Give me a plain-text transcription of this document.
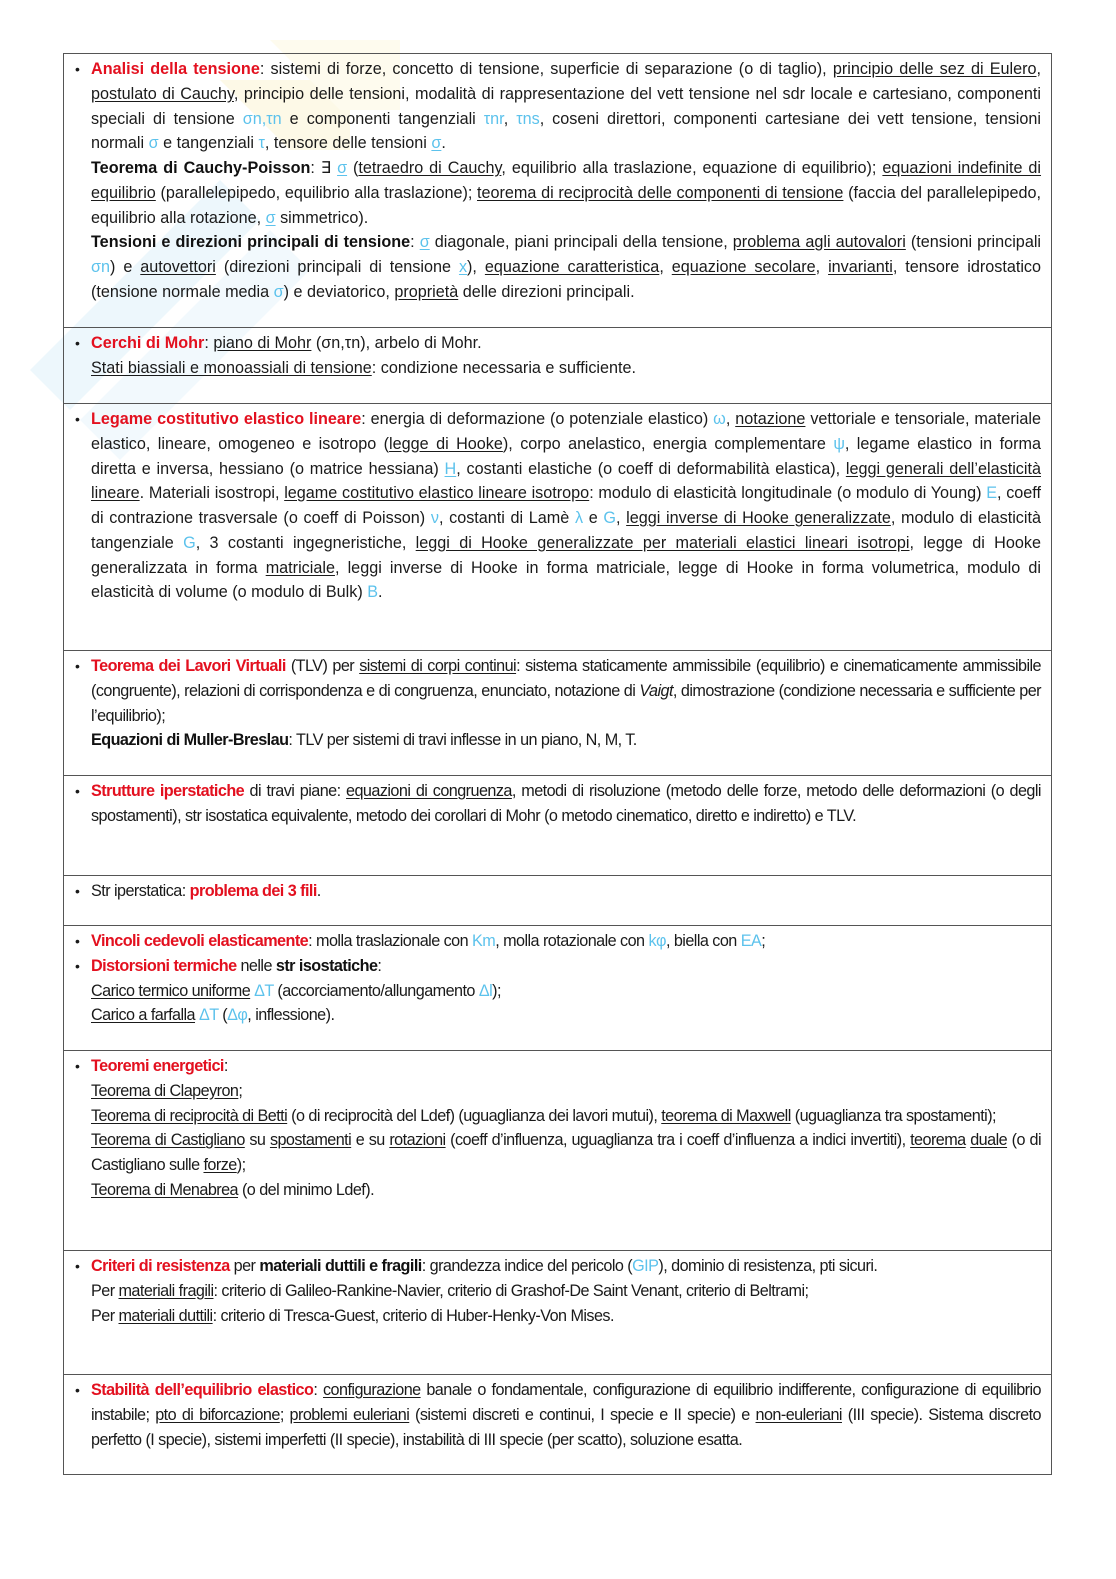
• Analisi della tensione: sistemi di forze, concetto di tensione, superficie di separazione (o di taglio), principio delle sez di Eulero, postulato di Cauchy, principio delle tensioni, modalità di rappresentazione del vett tensione nel sdr locale e cartesiano, componenti speciali di tensione σn,τn e componenti tangenziali τnr, τns, coseni direttori, componenti cartesiane dei vett tensione, tensioni normali σ e tangenziali τ, tensore delle tensioni σ.
Teorema di Cauchy-Poisson: ∃ σ (tetraedro di Cauchy, equilibrio alla traslazione, equazione di equilibrio); equazioni indefinite di equilibrio (parallelepipedo, equilibrio alla traslazione); teorema di reciprocità delle componenti di tensione (faccia del parallelepipedo, equilibrio alla rotazione, σ simmetrico).
Tensioni e direzioni principali di tensione: σ diagonale, piani principali della tensione, problema agli autovalori (tensioni principali σn) e autovettori (direzioni principali di tensione x), equazione caratteristica, equazione secolare, invarianti, tensore idrostatico (tensione normale media σ) e deviatorico, proprietà delle direzioni principali.
• Cerchi di Mohr: piano di Mohr (σn,τn), arbelo di Mohr.
Stati biassiali e monoassiali di tensione: condizione necessaria e sufficiente.
• Legame costitutivo elastico lineare: energia di deformazione (o potenziale elastico) ω, notazione vettoriale e tensoriale, materiale elastico, lineare, omogeneo e isotropo (legge di Hooke), corpo anelastico, energia complementare ψ, legame elastico in forma diretta e inversa, hessiano (o matrice hessiana) H, costanti elastiche (o coeff di deformabilità elastica), leggi generali dell’elasticità lineare. Materiali isostropi, legame costitutivo elastico lineare isotropo: modulo di elasticità longitudinale (o modulo di Young) E, coeff di contrazione trasversale (o coeff di Poisson) ν, costanti di Lamè λ e G, leggi inverse di Hooke generalizzate, modulo di elasticità tangenziale G, 3 costanti ingegneristiche, leggi di Hooke generalizzate per materiali elastici lineari isotropi, legge di Hooke generalizzata in forma matriciale, leggi inverse di Hooke in forma matriciale, legge di Hooke in forma volumetrica, modulo di elasticità di volume (o modulo di Bulk) B.
• Teorema dei Lavori Virtuali (TLV) per sistemi di corpi continui: sistema staticamente ammissibile (equilibrio) e cinematicamente ammissibile (congruente), relazioni di corrispondenza e di congruenza, enunciato, notazione di Vaigt, dimostrazione (condizione necessaria e sufficiente per l’equilibrio);
Equazioni di Muller-Breslau: TLV per sistemi di travi inflesse in un piano, N, M, T.
• Strutture iperstatiche di travi piane: equazioni di congruenza, metodi di risoluzione (metodo delle forze, metodo delle deformazioni (o degli spostamenti), str isostatica equivalente, metodo dei corollari di Mohr (o metodo cinematico, diretto e indiretto) e TLV.
• Str iperstatica: problema dei 3 fili.
• Vincoli cedevoli elasticamente: molla traslazionale con Km, molla rotazionale con kφ, biella con EA;
• Distorsioni termiche nelle str isostatiche:
Carico termico uniforme ΔT (accorciamento/allungamento Δl);
Carico a farfalla ΔT (Δφ, inflessione).
• Teoremi energetici:
Teorema di Clapeyron;
Teorema di reciprocità di Betti (o di reciprocità del Ldef) (uguaglianza dei lavori mutui), teorema di Maxwell (uguaglianza tra spostamenti);
Teorema di Castigliano su spostamenti e su rotazioni (coeff d’influenza, uguaglianza tra i coeff d’influenza a indici invertiti), teorema duale (o di Castigliano sulle forze);
Teorema di Menabrea (o del minimo Ldef).
• Criteri di resistenza per materiali duttili e fragili: grandezza indice del pericolo (GIP), dominio di resistenza, pti sicuri.
Per materiali fragili: criterio di Galileo-Rankine-Navier, criterio di Grashof-De Saint Venant, criterio di Beltrami;
Per materiali duttili: criterio di Tresca-Guest, criterio di Huber-Henky-Von Mises.
• Stabilità dell’equilibrio elastico: configurazione banale o fondamentale, configurazione di equilibrio indifferente, configurazione di equilibrio instabile; pto di biforcazione; problemi euleriani (sistemi discreti e continui, I specie e II specie) e non-euleriani (III specie). Sistema discreto perfetto (I specie), sistemi imperfetti (II specie), instabilità di III specie (per scatto), soluzione esatta.
